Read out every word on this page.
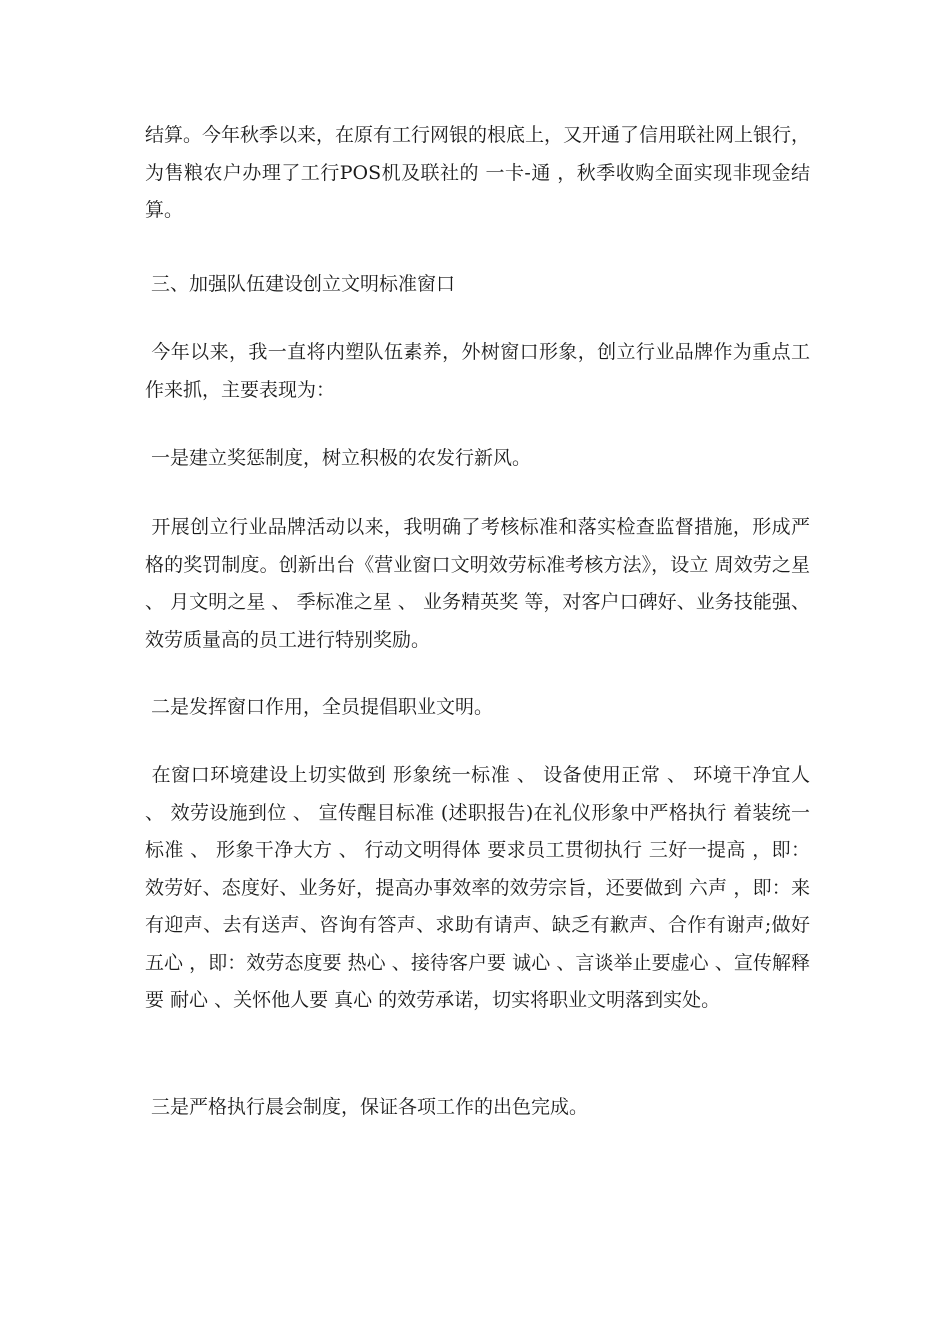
结算。今年秋季以来，在原有工行网银的根底上，又开通了信用联社网上银行，为售粮农户办理了工行POS机及联社的 一卡-通 ，秋季收购全面实现非现金结算。

三、加强队伍建设创立文明标准窗口

今年以来，我一直将内塑队伍素养，外树窗口形象，创立行业品牌作为重点工作来抓，主要表现为：

一是建立奖惩制度，树立积极的农发行新风。

开展创立行业品牌活动以来，我明确了考核标准和落实检查监督措施，形成严格的奖罚制度。创新出台《营业窗口文明效劳标准考核方法》，设立 周效劳之星 、 月文明之星 、 季标准之星 、 业务精英奖 等，对客户口碑好、业务技能强、效劳质量高的员工进行特别奖励。

二是发挥窗口作用，全员提倡职业文明。

在窗口环境建设上切实做到 形象统一标准 、 设备使用正常 、 环境干净宜人 、 效劳设施到位 、 宣传醒目标准 (述职报告)在礼仪形象中严格执行 着装统一标准 、 形象干净大方 、 行动文明得体 要求员工贯彻执行 三好一提高 ，即：效劳好、态度好、业务好，提高办事效率的效劳宗旨，还要做到 六声 ，即：来有迎声、去有送声、咨询有答声、求助有请声、缺乏有歉声、合作有谢声;做好 五心 ，即：效劳态度要 热心 、接待客户要 诚心 、言谈举止要虚心 、宣传解释要 耐心 、关怀他人要 真心 的效劳承诺，切实将职业文明落到实处。

三是严格执行晨会制度，保证各项工作的出色完成。
